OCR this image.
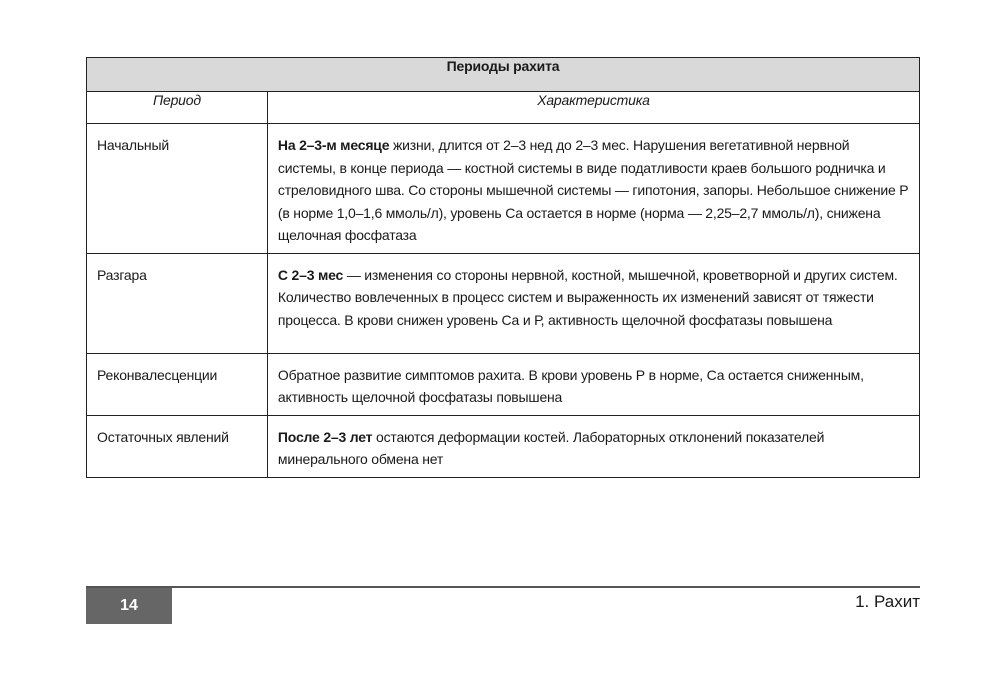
Периоды рахита	
Период	Характеристика
Начальный	На 2–3-м месяце жизни, длится от 2–3 нед до 2–3 мес. Нарушения вегетативной нервной системы, в конце периода — костной системы в виде податливости краев большого родничка и стреловидного шва. Со стороны мышечной системы — гипотония, запоры. Небольшое снижение Р (в норме 1,0–1,6 ммоль/л), уровень Са остается в норме (норма — 2,25–2,7 ммоль/л), снижена щелочная фосфатаза
Разгара	С 2–3 мес — изменения со стороны нервной, костной, мышечной, кроветворной и других систем. Количество вовлеченных в процесс систем и выраженность их изменений зависят от тяжести процесса. В крови снижен уровень Са и Р, активность щелочной фосфатазы повышена
Реконвалесценции	Обратное развитие симптомов рахита. В крови уровень Р в норме, Са остается сниженным, активность щелочной фосфатазы повышена
Остаточных явлений	После 2–3 лет остаются деформации костей. Лабораторных отклонений показателей минерального обмена нет
14	1. Рахит
